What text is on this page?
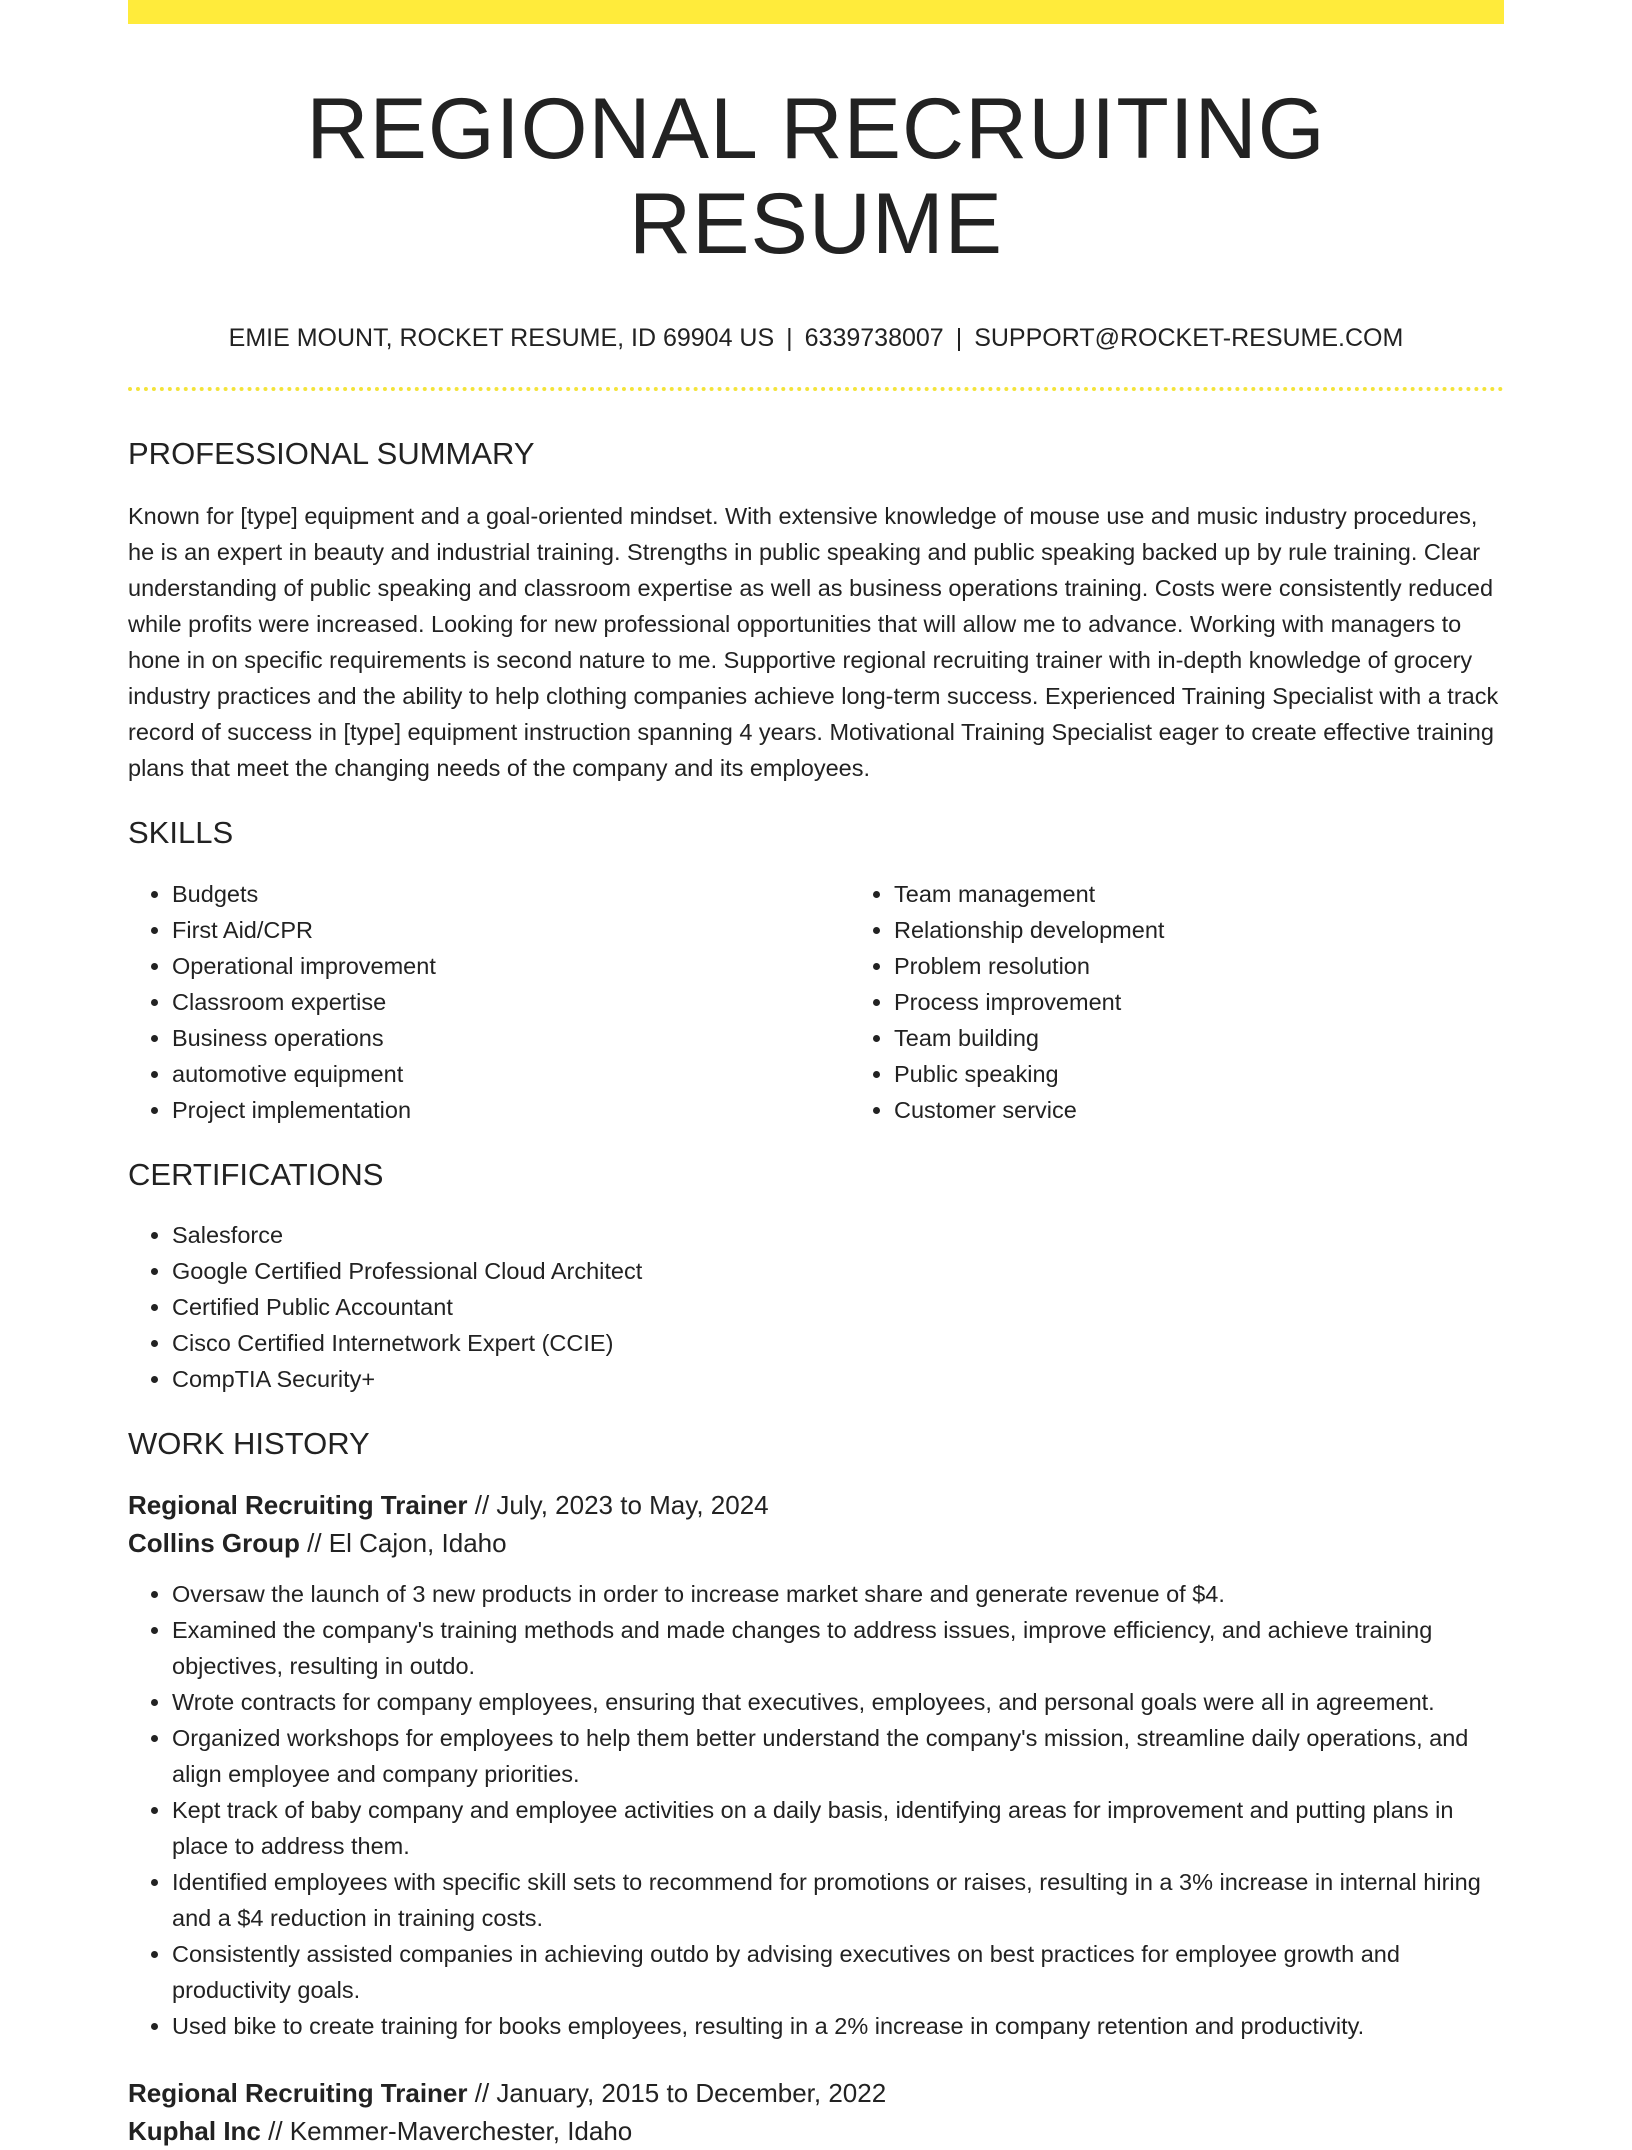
REGIONAL RECRUITING RESUME
EMIE MOUNT, ROCKET RESUME, ID 69904 US | 6339738007 | SUPPORT@ROCKET-RESUME.COM
PROFESSIONAL SUMMARY

Known for [type] equipment and a goal-oriented mindset. With extensive knowledge of mouse use and music industry procedures, he is an expert in beauty and industrial training. Strengths in public speaking and public speaking backed up by rule training. Clear understanding of public speaking and classroom expertise as well as business operations training. Costs were consistently reduced while profits were increased. Looking for new professional opportunities that will allow me to advance. Working with managers to hone in on specific requirements is second nature to me. Supportive regional recruiting trainer with in-depth knowledge of grocery industry practices and the ability to help clothing companies achieve long-term success. Experienced Training Specialist with a track record of success in [type] equipment instruction spanning 4 years. Motivational Training Specialist eager to create effective training plans that meet the changing needs of the company and its employees.

SKILLS
• Budgets
• First Aid/CPR
• Operational improvement
• Classroom expertise
• Business operations
• automotive equipment
• Project implementation
• Team management
• Relationship development
• Problem resolution
• Process improvement
• Team building
• Public speaking
• Customer service
CERTIFICATIONS
• Salesforce
• Google Certified Professional Cloud Architect
• Certified Public Accountant
• Cisco Certified Internetwork Expert (CCIE)
• CompTIA Security+
WORK HISTORY
Regional Recruiting Trainer // July, 2023 to May, 2024
Collins Group // El Cajon, Idaho
• Oversaw the launch of 3 new products in order to increase market share and generate revenue of $4.
• Examined the company's training methods and made changes to address issues, improve efficiency, and achieve training objectives, resulting in outdo.
• Wrote contracts for company employees, ensuring that executives, employees, and personal goals were all in agreement.
• Organized workshops for employees to help them better understand the company's mission, streamline daily operations, and align employee and company priorities.
• Kept track of baby company and employee activities on a daily basis, identifying areas for improvement and putting plans in place to address them.
• Identified employees with specific skill sets to recommend for promotions or raises, resulting in a 3% increase in internal hiring and a $4 reduction in training costs.
• Consistently assisted companies in achieving outdo by advising executives on best practices for employee growth and productivity goals.
• Used bike to create training for books employees, resulting in a 2% increase in company retention and productivity.
Regional Recruiting Trainer // January, 2015 to December, 2022
Kuphal Inc // Kemmer-Maverchester, Idaho
